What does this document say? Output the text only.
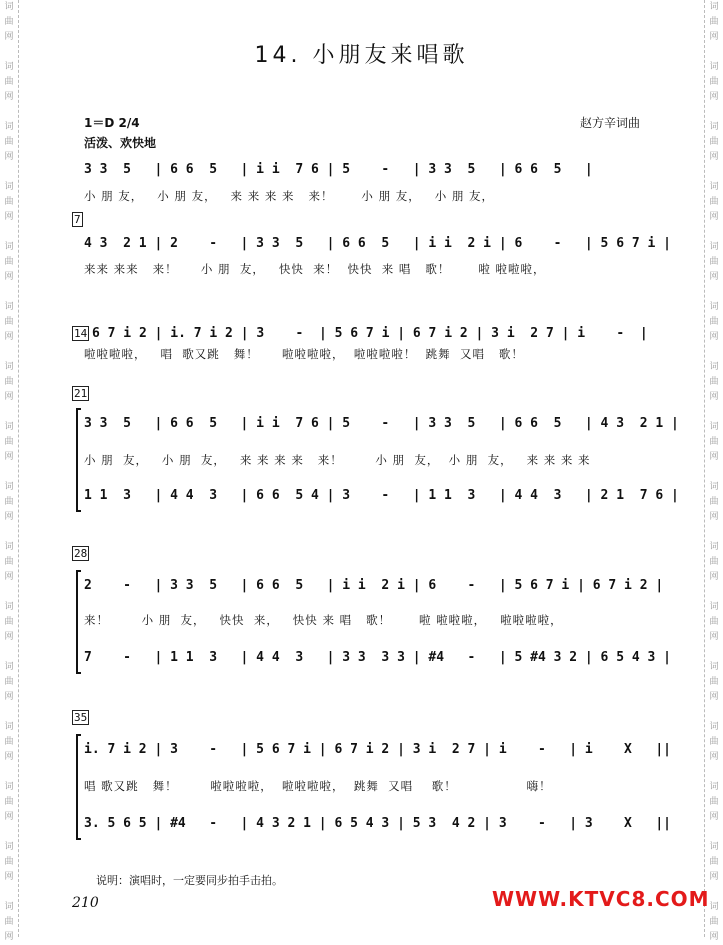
词
曲
网

词
曲
网

词
曲
网

词
曲
网

词
曲
网

词
曲
网

词
曲
网

词
曲
网

词
曲
网

词
曲
网

词
曲
网

词
曲
网

词
曲
网

词
曲
网

词
曲
网

词
曲
网

词
曲
网

词
曲
网

词
曲
网

词
曲
网

词
曲
网

词
曲
网

词
曲
网

词
曲
网

词
曲
网

词
曲
网

词
曲
网

词
曲
网

词
曲
网

词
曲
网

词
曲
网

词
曲
网

14. 小朋友来唱歌
1＝D 2/4
活泼、欢快地
赵方辛词曲
3 3  5   | 6 6  5   | i i  7 6 | 5    -   | 3 3  5   | 6 6  5   |
小 朋 友，   小 朋 友，   来 来 来 来   来！      小 朋 友，   小 朋 友，
7
4 3  2 1 | 2    -   | 3 3  5   | 6 6  5   | i i  2 i | 6    -   | 5 6 7 i |
来来 来来   来！     小 朋  友，   快快  来！  快快  来 唱   歌！      啦 啦啦啦，
14 6 7 i 2 | i. 7 i 2 | 3    -  | 5 6 7 i | 6 7 i 2 | 3 i  2 7 | i    -  |
啦啦啦啦，   唱  歌又跳   舞！     啦啦啦啦，  啦啦啦啦！  跳舞  又唱   歌！
21
3 3  5   | 6 6  5   | i i  7 6 | 5    -   | 3 3  5   | 6 6  5   | 4 3  2 1 |
小 朋  友，   小 朋  友，   来 来 来 来   来！       小 朋  友，  小 朋  友，   来 来 来 来
1 1  3   | 4 4  3   | 6 6  5 4 | 3    -   | 1 1  3   | 4 4  3   | 2 1  7 6 |
28
2    -   | 3 3  5   | 6 6  5   | i i  2 i | 6    -   | 5 6 7 i | 6 7 i 2 |
来！       小 朋  友，   快快  来，   快快 来 唱   歌！      啦 啦啦啦，   啦啦啦啦，
7    -   | 1 1  3   | 4 4  3   | 3 3  3 3 | #4   -   | 5 #4 3 2 | 6 5 4 3 |
35
i. 7 i 2 | 3    -   | 5 6 7 i | 6 7 i 2 | 3 i  2 7 | i    -   | i    X   ||
唱 歌又跳   舞！       啦啦啦啦，  啦啦啦啦，  跳舞  又唱    歌！               嗨！
3. 5 6 5 | #4   -   | 4 3 2 1 | 6 5 4 3 | 5 3  4 2 | 3    -   | 3    X   ||
说明：演唱时，一定要同步拍手击拍。
210	WWW.KTVC8.COM
